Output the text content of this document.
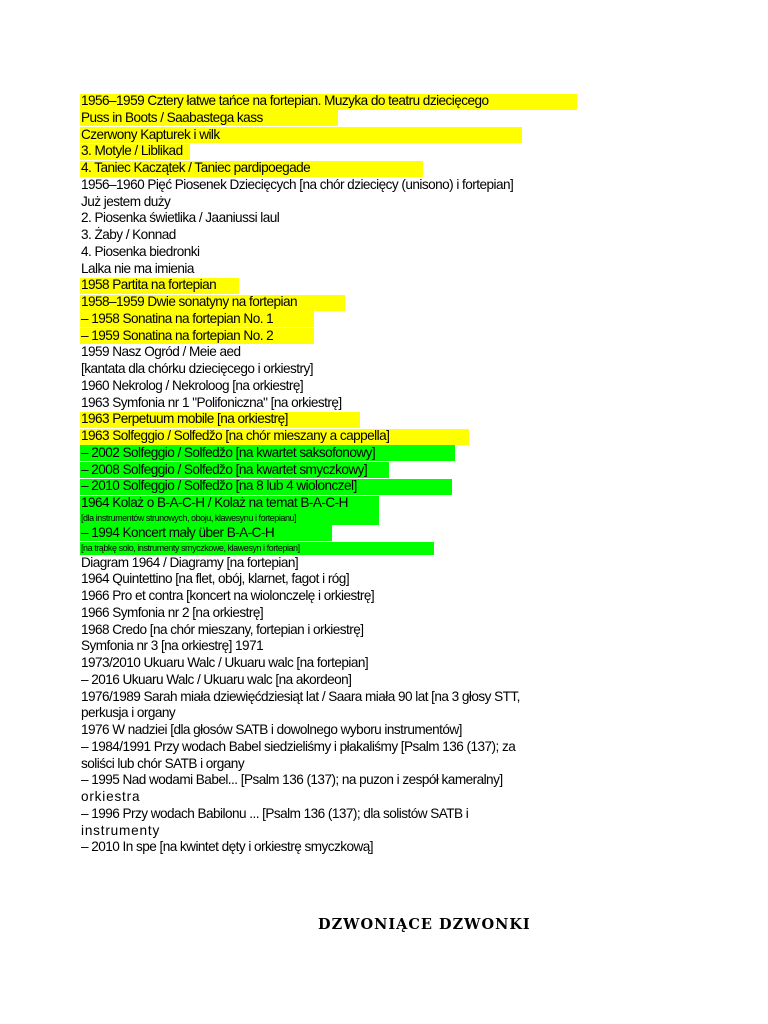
1956–1959 Cztery łatwe tańce na fortepian. Muzyka do teatru dziecięcego
Puss in Boots / Saabastega kass
Czerwony Kapturek i wilk
3. Motyle / Liblikad
4. Taniec Kaczątek / Taniec pardipoegade
1956–1960 Pięć Piosenek Dziecięcych [na chór dziecięcy (unisono) i fortepian]
Już jestem duży
2. Piosenka świetlika / Jaaniussi laul
3. Żaby / Konnad
4. Piosenka biedronki
Lalka nie ma imienia
1958 Partita na fortepian
1958–1959 Dwie sonatyny na fortepian
– 1958 Sonatina na fortepian No. 1
– 1959 Sonatina na fortepian No. 2
1959 Nasz Ogród / Meie aed
[kantata dla chórku dziecięcego i orkiestry]
1960 Nekrolog / Nekroloog [na orkiestrę]
1963 Symfonia nr 1 "Polifoniczna" [na orkiestrę]
1963 Perpetuum mobile [na orkiestrę]
1963 Solfeggio / Solfedžo [na chór mieszany a cappella]
– 2002 Solfeggio / Solfedžo [na kwartet saksofonowy]
– 2008 Solfeggio / Solfedžo [na kwartet smyczkowy]
– 2010 Solfeggio / Solfedžo [na 8 lub 4 wiolonczel]
1964 Kolaż o B-A-C-H / Kolaż na temat B-A-C-H
[dla instrumentów strunowych, oboju, klawesynu i fortepianu]
– 1994 Koncert mały über B-A-C-H
[na trąbkę solo, instrumenty smyczkowe, klawesyn i fortepian]
Diagram 1964 / Diagramy [na fortepian]
1964 Quintettino [na flet, obój, klarnet, fagot i róg]
1966 Pro et contra [koncert na wiolonczelę i orkiestrę]
1966 Symfonia nr 2 [na orkiestrę]
1968 Credo [na chór mieszany, fortepian i orkiestrę]
Symfonia nr 3 [na orkiestrę] 1971
1973/2010 Ukuaru Walc / Ukuaru walc [na fortepian]
– 2016 Ukuaru Walc / Ukuaru walc [na akordeon]
1976/1989 Sarah miała dziewięćdziesiąt lat / Saara miała 90 lat [na 3 głosy STT,
perkusja i organy
1976 W nadziei [dla głosów SATB i dowolnego wyboru instrumentów]
– 1984/1991 Przy wodach Babel siedzieliśmy i płakaliśmy [Psalm 136 (137); za
soliści lub chór SATB i organy
– 1995 Nad wodami Babel... [Psalm 136 (137); na puzon i zespół kameralny]
orkiestra
– 1996 Przy wodach Babilonu ... [Psalm 136 (137); dla solistów SATB i
instrumenty
– 2010 In spe [na kwintet dęty i orkiestrę smyczkową]
DZWONIĄCE DZWONKI
